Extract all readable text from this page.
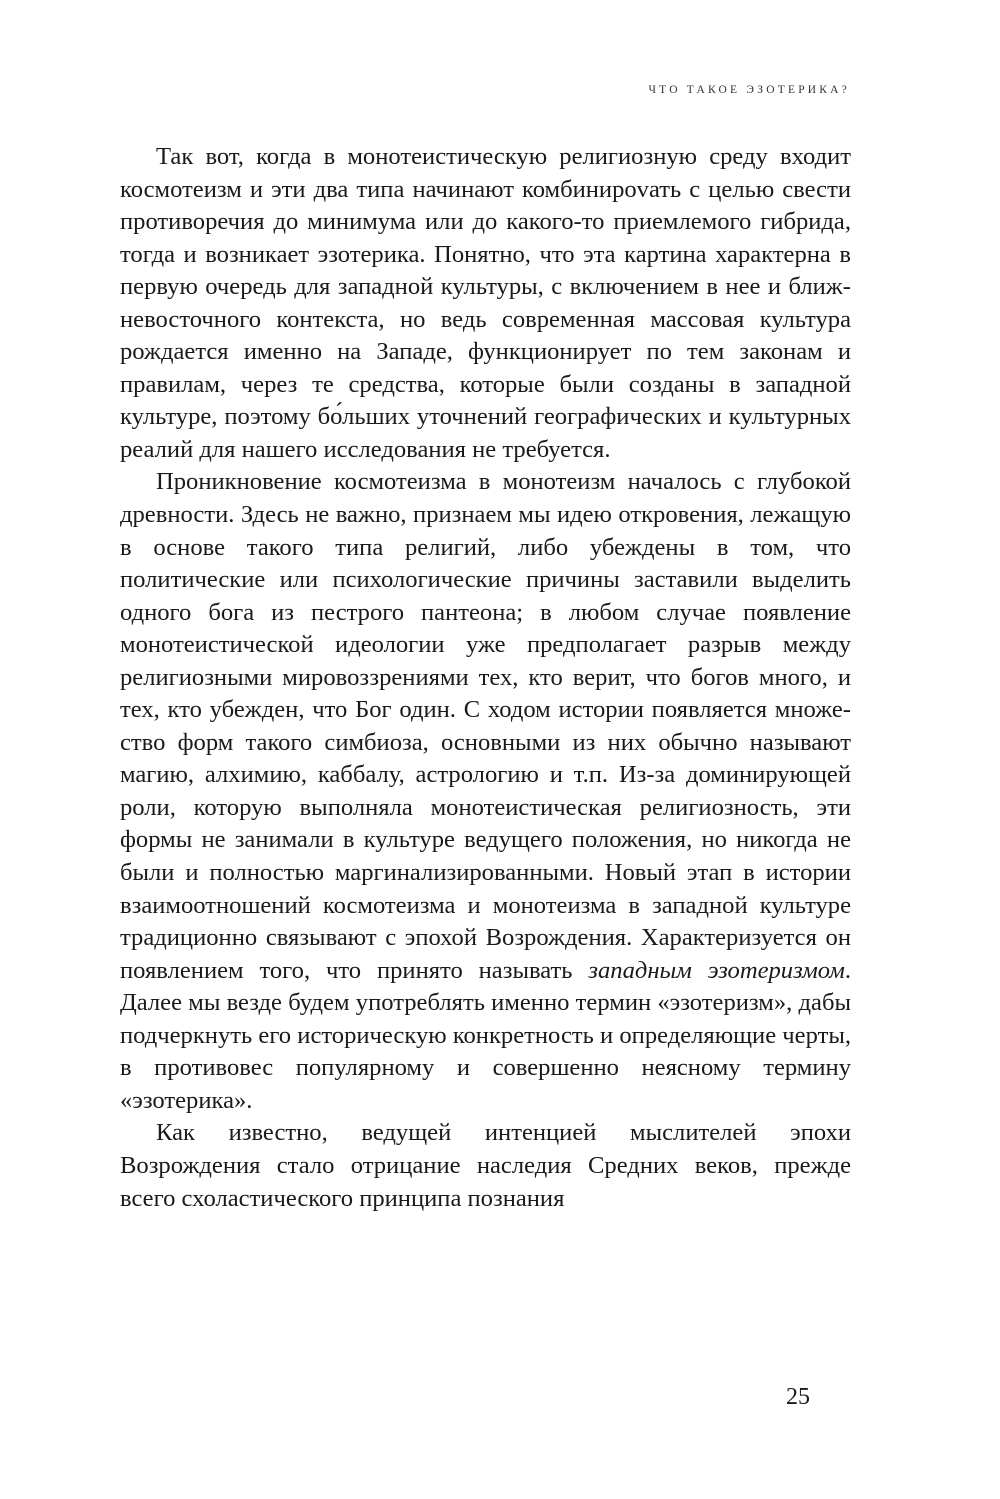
ЧТО ТАКОЕ ЭЗОТЕРИКА?

Так вот, когда в монотеистическую религиозную среду входит космотеизм и эти два типа начинают комбинироvать с целью свести противоречия до минимума или до какого-то приемлемого гибрида, тогда и возникает эзотерика. Понятно, что эта картина характерна в первую очередь для западной культуры, с включением в нее и ближневосточного контекста, но ведь современная массовая культура рождается именно на Западе, функционирует по тем законам и правилам, через те средства, которые были созданы в западной культуре, поэтому бо́льших уточнений географических и культурных реалий для нашего исследования не требуется.

Проникновение космотеизма в монотеизм началось с глубокой древности. Здесь не важно, признаем мы идею откровения, лежащую в основе такого типа религий, либо убеждены в том, что политические или психологические причины заставили выделить одного бога из пестрого пантеона; в любом случае появление монотеистической идеологии уже предполагает разрыв между религиозными мировоззрениями тех, кто верит, что богов много, и тех, кто убежден, что Бог один. С ходом истории появляется множество форм такого симбиоза, основными из них обычно называют магию, алхимию, каббалу, астрологию и т.п. Из-за доминирующей роли, которую выполняла монотеистическая религиозность, эти формы не занимали в культуре ведущего положения, но никогда не были и полностью маргинализированными. Новый этап в истории взаимоотношений космотеизма и монотеизма в западной культуре традиционно связывают с эпохой Возрождения. Характеризуется он появлением того, что принято называть западным эзотеризмом. Далее мы везде будем употреблять именно термин «эзотеризм», дабы подчеркнуть его историческую конкретность и определяющие черты, в противовес популярному и совершенно неясному термину «эзотерика».

Как известно, ведущей интенцией мыслителей эпохи Возрождения стало отрицание наследия Средних веков, прежде всего схоластического принципа познания

25
